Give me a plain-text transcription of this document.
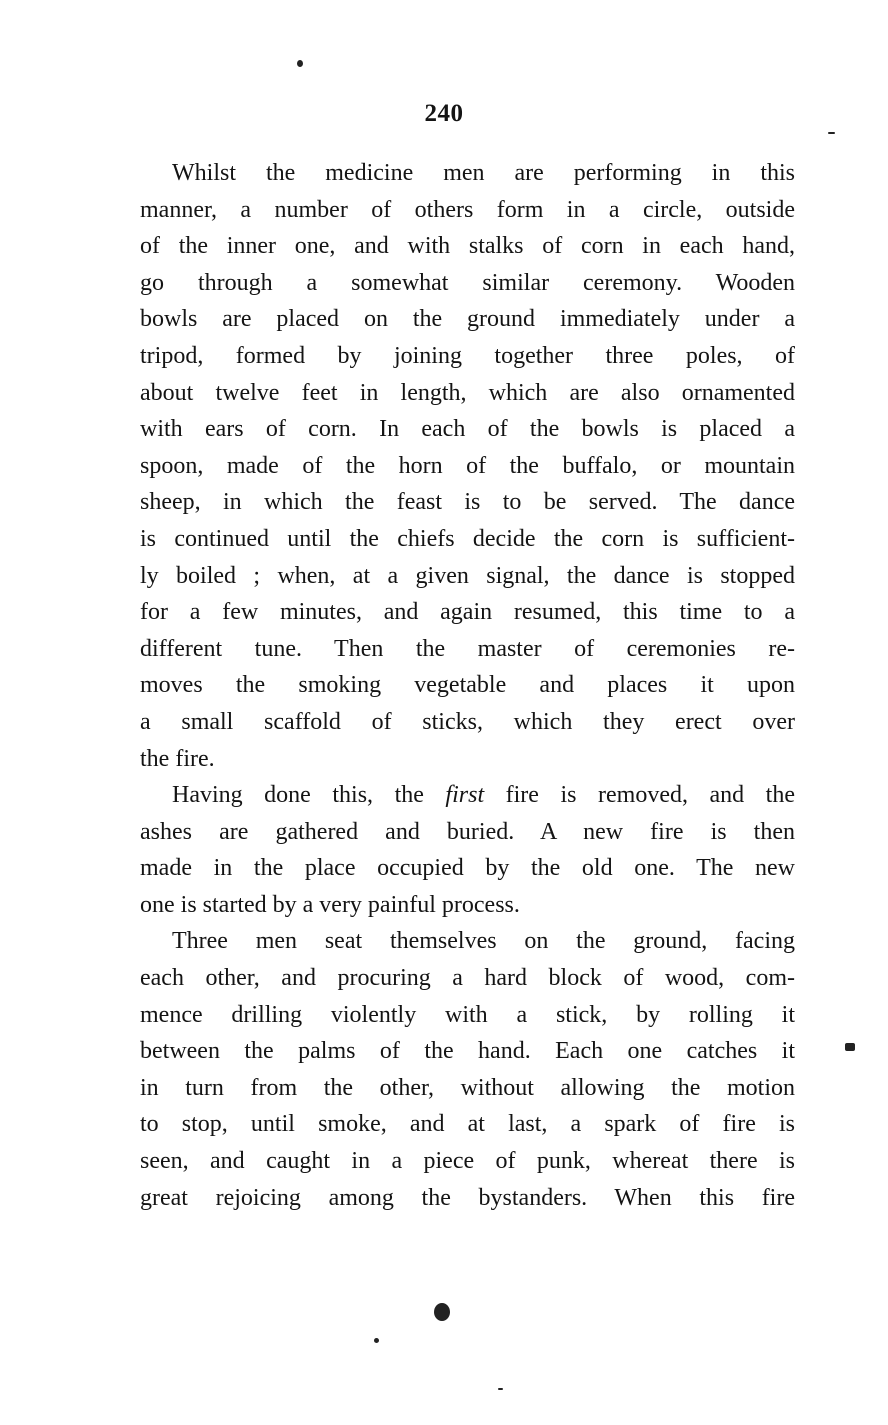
240

Whilst the medicine men are performing in this
manner, a number of others form in a circle, outside
of the inner one, and with stalks of corn in each hand,
go through a somewhat similar ceremony. Wooden
bowls are placed on the ground immediately under a
tripod, formed by joining together three poles, of
about twelve feet in length, which are also ornamented
with ears of corn. In each of the bowls is placed a
spoon, made of the horn of the buffalo, or mountain
sheep, in which the feast is to be served. The dance
is continued until the chiefs decide the corn is sufficient-
ly boiled ; when, at a given signal, the dance is stopped
for a few minutes, and again resumed, this time to a
different tune. Then the master of ceremonies re-
moves the smoking vegetable and places it upon
a small scaffold of sticks, which they erect over
the fire.

Having done this, the first fire is removed, and the
ashes are gathered and buried. A new fire is then
made in the place occupied by the old one. The new
one is started by a very painful process.

Three men seat themselves on the ground, facing
each other, and procuring a hard block of wood, com-
mence drilling violently with a stick, by rolling it
between the palms of the hand. Each one catches it
in turn from the other, without allowing the motion
to stop, until smoke, and at last, a spark of fire is
seen, and caught in a piece of punk, whereat there is
great rejoicing among the bystanders. When this fire
